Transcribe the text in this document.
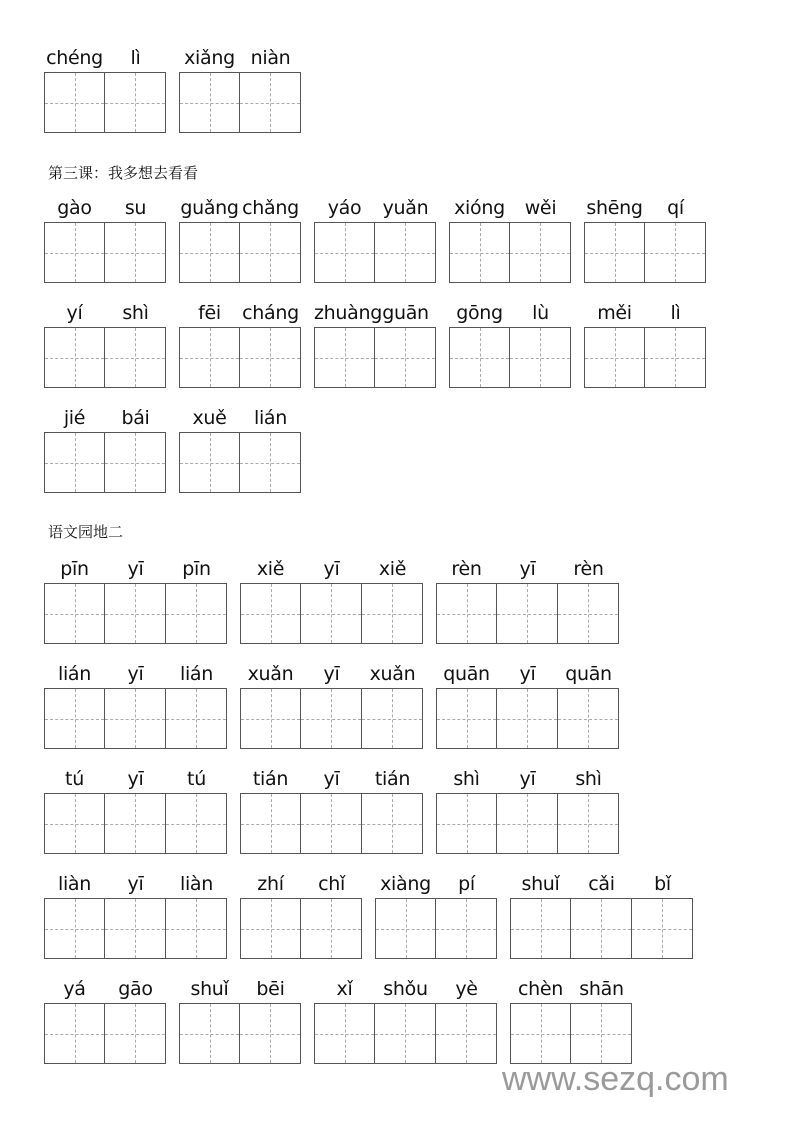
www.sezq.com
chéng	lì	xiǎng niàn
第三课：我多想去看看
gào	su	guǎng chǎng	yáo	yuǎn	xióng	wěi	shēng	qí
yí	shì	fēi	cháng zhuàng guān	gōng	lù	měi	lì
jié	bái	xuě	lián
语文园地二
pīn	yī	pīn	xiě	yī	xiě	rèn	yī	rèn
lián	yī	lián	xuǎn	yī	xuǎn	quān	yī	quān
tú	yī	tú	tián	yī	tián	shì	yī	shì
liàn	yī	liàn	zhí	chǐ	xiàng	pí	shuǐ	cǎi	bǐ
yá	gāo	shuǐ	bēi	xǐ	shǒu	yè	chèn shān
